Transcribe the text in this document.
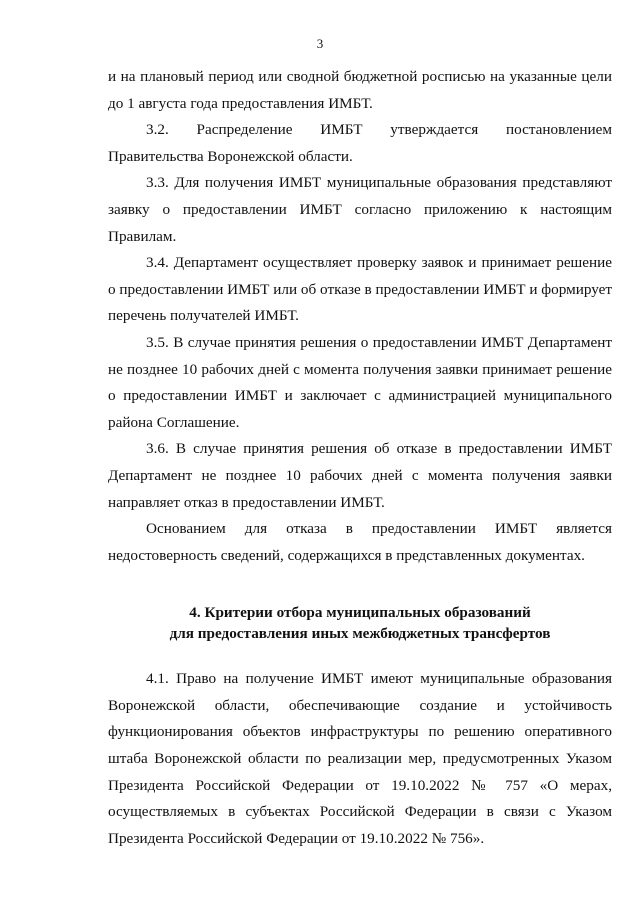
3

и на плановый период или сводной бюджетной росписью на указанные цели до 1 августа года предоставления ИМБТ.

3.2. Распределение ИМБТ утверждается постановлением Правительства Воронежской области.

3.3. Для получения ИМБТ муниципальные образования представляют заявку о предоставлении ИМБТ согласно приложению к настоящим Правилам.

3.4. Департамент осуществляет проверку заявок и принимает решение о предоставлении ИМБТ или об отказе в предоставлении ИМБТ и формирует перечень получателей ИМБТ.

3.5. В случае принятия решения о предоставлении ИМБТ Департамент не позднее 10 рабочих дней с момента получения заявки принимает решение о предоставлении ИМБТ и заключает с администрацией муниципального района Соглашение.

3.6. В случае принятия решения об отказе в предоставлении ИМБТ Департамент не позднее 10 рабочих дней с момента получения заявки направляет отказ в предоставлении ИМБТ.

Основанием для отказа в предоставлении ИМБТ является недостоверность сведений, содержащихся в представленных документах.

4. Критерии отбора муниципальных образований
для предоставления иных межбюджетных трансфертов

4.1. Право на получение ИМБТ имеют муниципальные образования Воронежской области, обеспечивающие создание и устойчивость функционирования объектов инфраструктуры по решению оперативного штаба Воронежской области по реализации мер, предусмотренных Указом Президента Российской Федерации от 19.10.2022 № 757 «О мерах, осуществляемых в субъектах Российской Федерации в связи с Указом Президента Российской Федерации от 19.10.2022 № 756».
